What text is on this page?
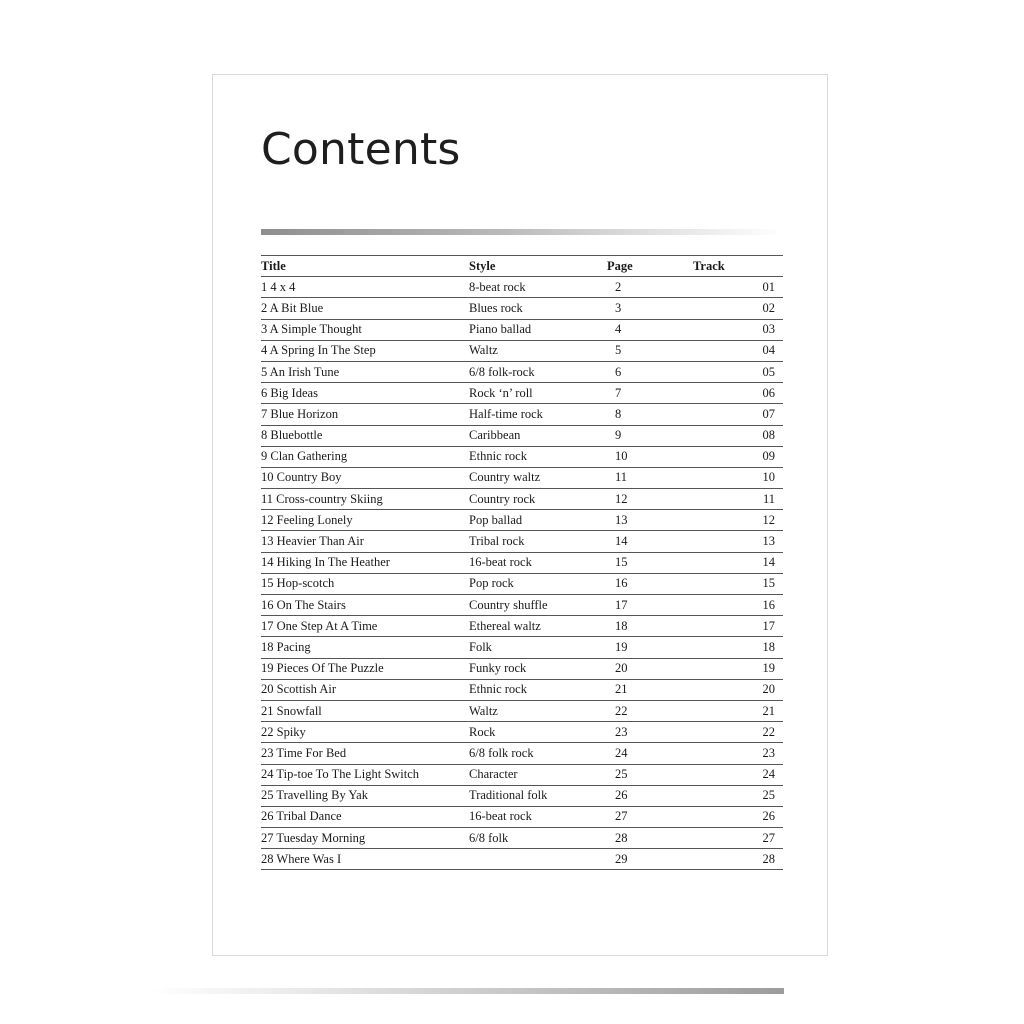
Contents
Title	Style	Page	Track
1 4 x 4	8-beat rock	2	01
2 A Bit Blue	Blues rock	3	02
3 A Simple Thought	Piano ballad	4	03
4 A Spring In The Step	Waltz	5	04
5 An Irish Tune	6/8 folk-rock	6	05
6 Big Ideas	Rock ‘n’ roll	7	06
7 Blue Horizon	Half-time rock	8	07
8 Bluebottle	Caribbean	9	08
9 Clan Gathering	Ethnic rock	10	09
10 Country Boy	Country waltz	11	10
11 Cross-country Skiing	Country rock	12	11
12 Feeling Lonely	Pop ballad	13	12
13 Heavier Than Air	Tribal rock	14	13
14 Hiking In The Heather	16-beat rock	15	14
15 Hop-scotch	Pop rock	16	15
16 On The Stairs	Country shuffle	17	16
17 One Step At A Time	Ethereal waltz	18	17
18 Pacing	Folk	19	18
19 Pieces Of The Puzzle	Funky rock	20	19
20 Scottish Air	Ethnic rock	21	20
21 Snowfall	Waltz	22	21
22 Spiky	Rock	23	22
23 Time For Bed	6/8 folk rock	24	23
24 Tip-toe To The Light Switch	Character	25	24
25 Travelling By Yak	Traditional folk	26	25
26 Tribal Dance	16-beat rock	27	26
27 Tuesday Morning	6/8 folk	28	27
28 Where Was I		29	28
